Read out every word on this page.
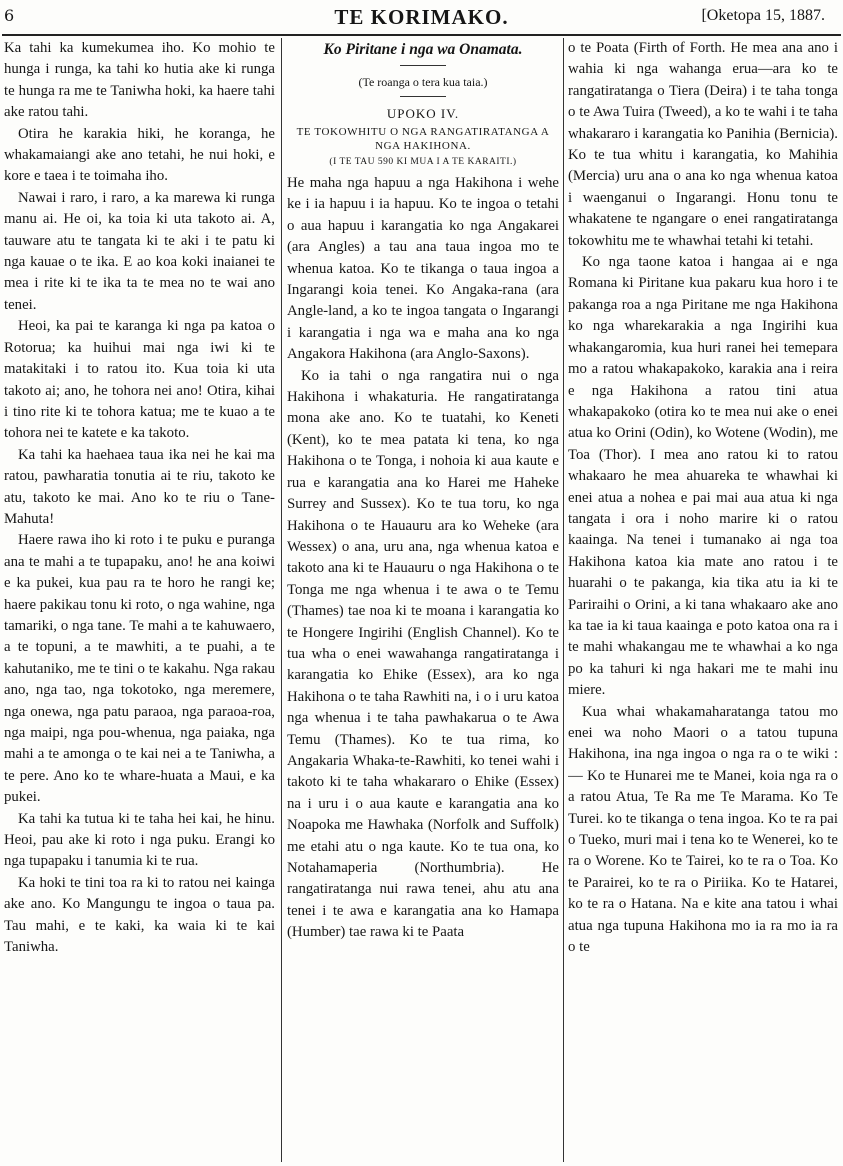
6	TE KORIMAKO.	[Oketopa 15, 1887.

Ka tahi ka kumekumea iho. Ko mohio te hunga i runga, ka tahi ko hutia ake ki runga te hunga ra me te Taniwha hoki, ka haere tahi ake ratou tahi.

Otira he karakia hiki, he koranga, he whakamaiangi ake ano tetahi, he nui hoki, e kore e taea i te toimaha iho.

Nawai i raro, i raro, a ka marewa ki runga manu ai. He oi, ka toia ki uta takoto ai. A, tauware atu te tangata ki te aki i te patu ki nga kauae o te ika. E ao koa koki inaianei te mea i rite ki te ika ta te mea no te wai ano tenei.

Heoi, ka pai te karanga ki nga pa katoa o Rotorua; ka huihui mai nga iwi ki te matakitaki i to ratou ito. Kua toia ki uta takoto ai; ano, he tohora nei ano! Otira, kihai i tino rite ki te tohora katua; me te kuao a te tohora nei te katete e ka takoto.

Ka tahi ka haehaea taua ika nei he kai ma ratou, pawharatia tonutia ai te riu, takoto ke atu, takoto ke mai. Ano ko te riu o Tane-Mahuta!

Haere rawa iho ki roto i te puku e puranga ana te mahi a te tupapaku, ano! he ana koiwi e ka pukei, kua pau ra te horo he rangi ke; haere pakikau tonu ki roto, o nga wahine, nga tamariki, o nga tane. Te mahi a te kahuwaero, a te topuni, a te mawhiti, a te puahi, a te kahutaniko, me te tini o te kakahu. Nga rakau ano, nga tao, nga tokotoko, nga meremere, nga onewa, nga patu paraoa, nga paraoa-roa, nga maipi, nga pou-whenua, nga paiaka, nga mahi a te amonga o te kai nei a te Taniwha, a te pere. Ano ko te whare-huata a Maui, e ka pukei.

Ka tahi ka tutua ki te taha hei kai, he hinu. Heoi, pau ake ki roto i nga puku. Erangi ko nga tupapaku i tanumia ki te rua.

Ka hoki te tini toa ra ki to ratou nei kainga ake ano. Ko Mangungu te ingoa o taua pa. Tau mahi, e te kaki, ka waia ki te kai Taniwha.

Ko Piritane i nga wa Onamata.
(Te roanga o tera kua taia.)
UPOKO IV.
TE TOKOWHITU O NGA RANGATIRATANGA A NGA HAKIHONA.
(I TE TAU 590 KI MUA I A TE KARAITI.)

He maha nga hapuu a nga Hakihona i wehe ke i ia hapuu i ia hapuu. Ko te ingoa o tetahi o aua hapuu i karangatia ko nga Angakarei (ara Angles) a tau ana taua ingoa mo te whenua katoa. Ko te tikanga o taua ingoa a Ingarangi koia tenei. Ko Angaka-rana (ara Angle-land, a ko te ingoa tangata o Ingarangi i karangatia i nga wa e maha ana ko nga Angakora Hakihona (ara Anglo-Saxons).

Ko ia tahi o nga rangatira nui o nga Hakihona i whakaturia. He rangatiratanga mona ake ano. Ko te tuatahi, ko Keneti (Kent), ko te mea patata ki tena, ko nga Hakihona o te Tonga, i nohoia ki aua kaute e rua e karangatia ana ko Harei me Haheke Surrey and Sussex). Ko te tua toru, ko nga Hakihona o te Hauauru ara ko Weheke (ara Wessex) o ana, uru ana, nga whenua katoa e takoto ana ki te Hauauru o nga Hakihona o te Tonga me nga whenua i te awa o te Temu (Thames) tae noa ki te moana i karangatia ko te Hongere Ingirihi (English Channel). Ko te tua wha o enei wawahanga rangatiratanga i karangatia ko Ehike (Essex), ara ko nga Hakihona o te taha Rawhiti na, i o i uru katoa nga whenua i te taha pawhakarua o te Awa Temu (Thames). Ko te tua rima, ko Angakaria Whaka-te-Rawhiti, ko tenei wahi i takoto ki te taha whakararo o Ehike (Essex) na i uru i o aua kaute e karangatia ana ko Noapoka me Hawhaka (Norfolk and Suffolk) me etahi atu o nga kaute. Ko te tua ona, ko Notahamaperia (Northumbria). He rangatiratanga nui rawa tenei, ahu atu ana tenei i te awa e karangatia ana ko Hamapa (Humber) tae rawa ki te Paata

o te Poata (Firth of Forth. He mea ana ano i wahia ki nga wahanga erua—ara ko te rangatiratanga o Tiera (Deira) i te taha tonga o te Awa Tuira (Tweed), a ko te wahi i te taha whakararo i karangatia ko Panihia (Bernicia). Ko te tua whitu i karangatia, ko Mahihia (Mercia) uru ana o ana ko nga whenua katoa i waenganui o Ingarangi. Honu tonu te whakatene te ngangare o enei rangatiratanga tokowhitu me te whawhai tetahi ki tetahi.

Ko nga taone katoa i hangaa ai e nga Romana ki Piritane kua pakaru kua horo i te pakanga roa a nga Piritane me nga Hakihona ko nga wharekarakia a nga Ingirihi kua whakangaromia, kua huri ranei hei temepara mo a ratou whakapakoko, karakia ana i reira e nga Hakihona a ratou tini atua whakapakoko (otira ko te mea nui ake o enei atua ko Orini (Odin), ko Wotene (Wodin), me Toa (Thor). I mea ano ratou ki to ratou whakaaro he mea ahuareka te whawhai ki enei atua a nohea e pai mai aua atua ki nga tangata i ora i noho marire ki o ratou kaainga. Na tenei i tumanako ai nga toa Hakihona katoa kia mate ano ratou i te huarahi o te pakanga, kia tika atu ia ki te Pariraihi o Orini, a ki tana whakaaro ake ano ka tae ia ki taua kaainga e poto katoa ona ra i te mahi whakangau me te whawhai a ko nga po ka tahuri ki nga hakari me te mahi inu miere.

Kua whai whakamaharatanga tatou mo enei wa noho Maori o a tatou tupuna Hakihona, ina nga ingoa o nga ra o te wiki :— Ko te Hunarei me te Manei, koia nga ra o a ratou Atua, Te Ra me Te Marama. Ko Te Turei. ko te tikanga o tena ingoa. Ko te ra pai o Tueko, muri mai i tena ko te Wenerei, ko te ra o Worene. Ko te Tairei, ko te ra o Toa. Ko te Parairei, ko te ra o Piriika. Ko te Hatarei, ko te ra o Hatana. Na e kite ana tatou i whai atua nga tupuna Hakihona mo ia ra mo ia ra o te
